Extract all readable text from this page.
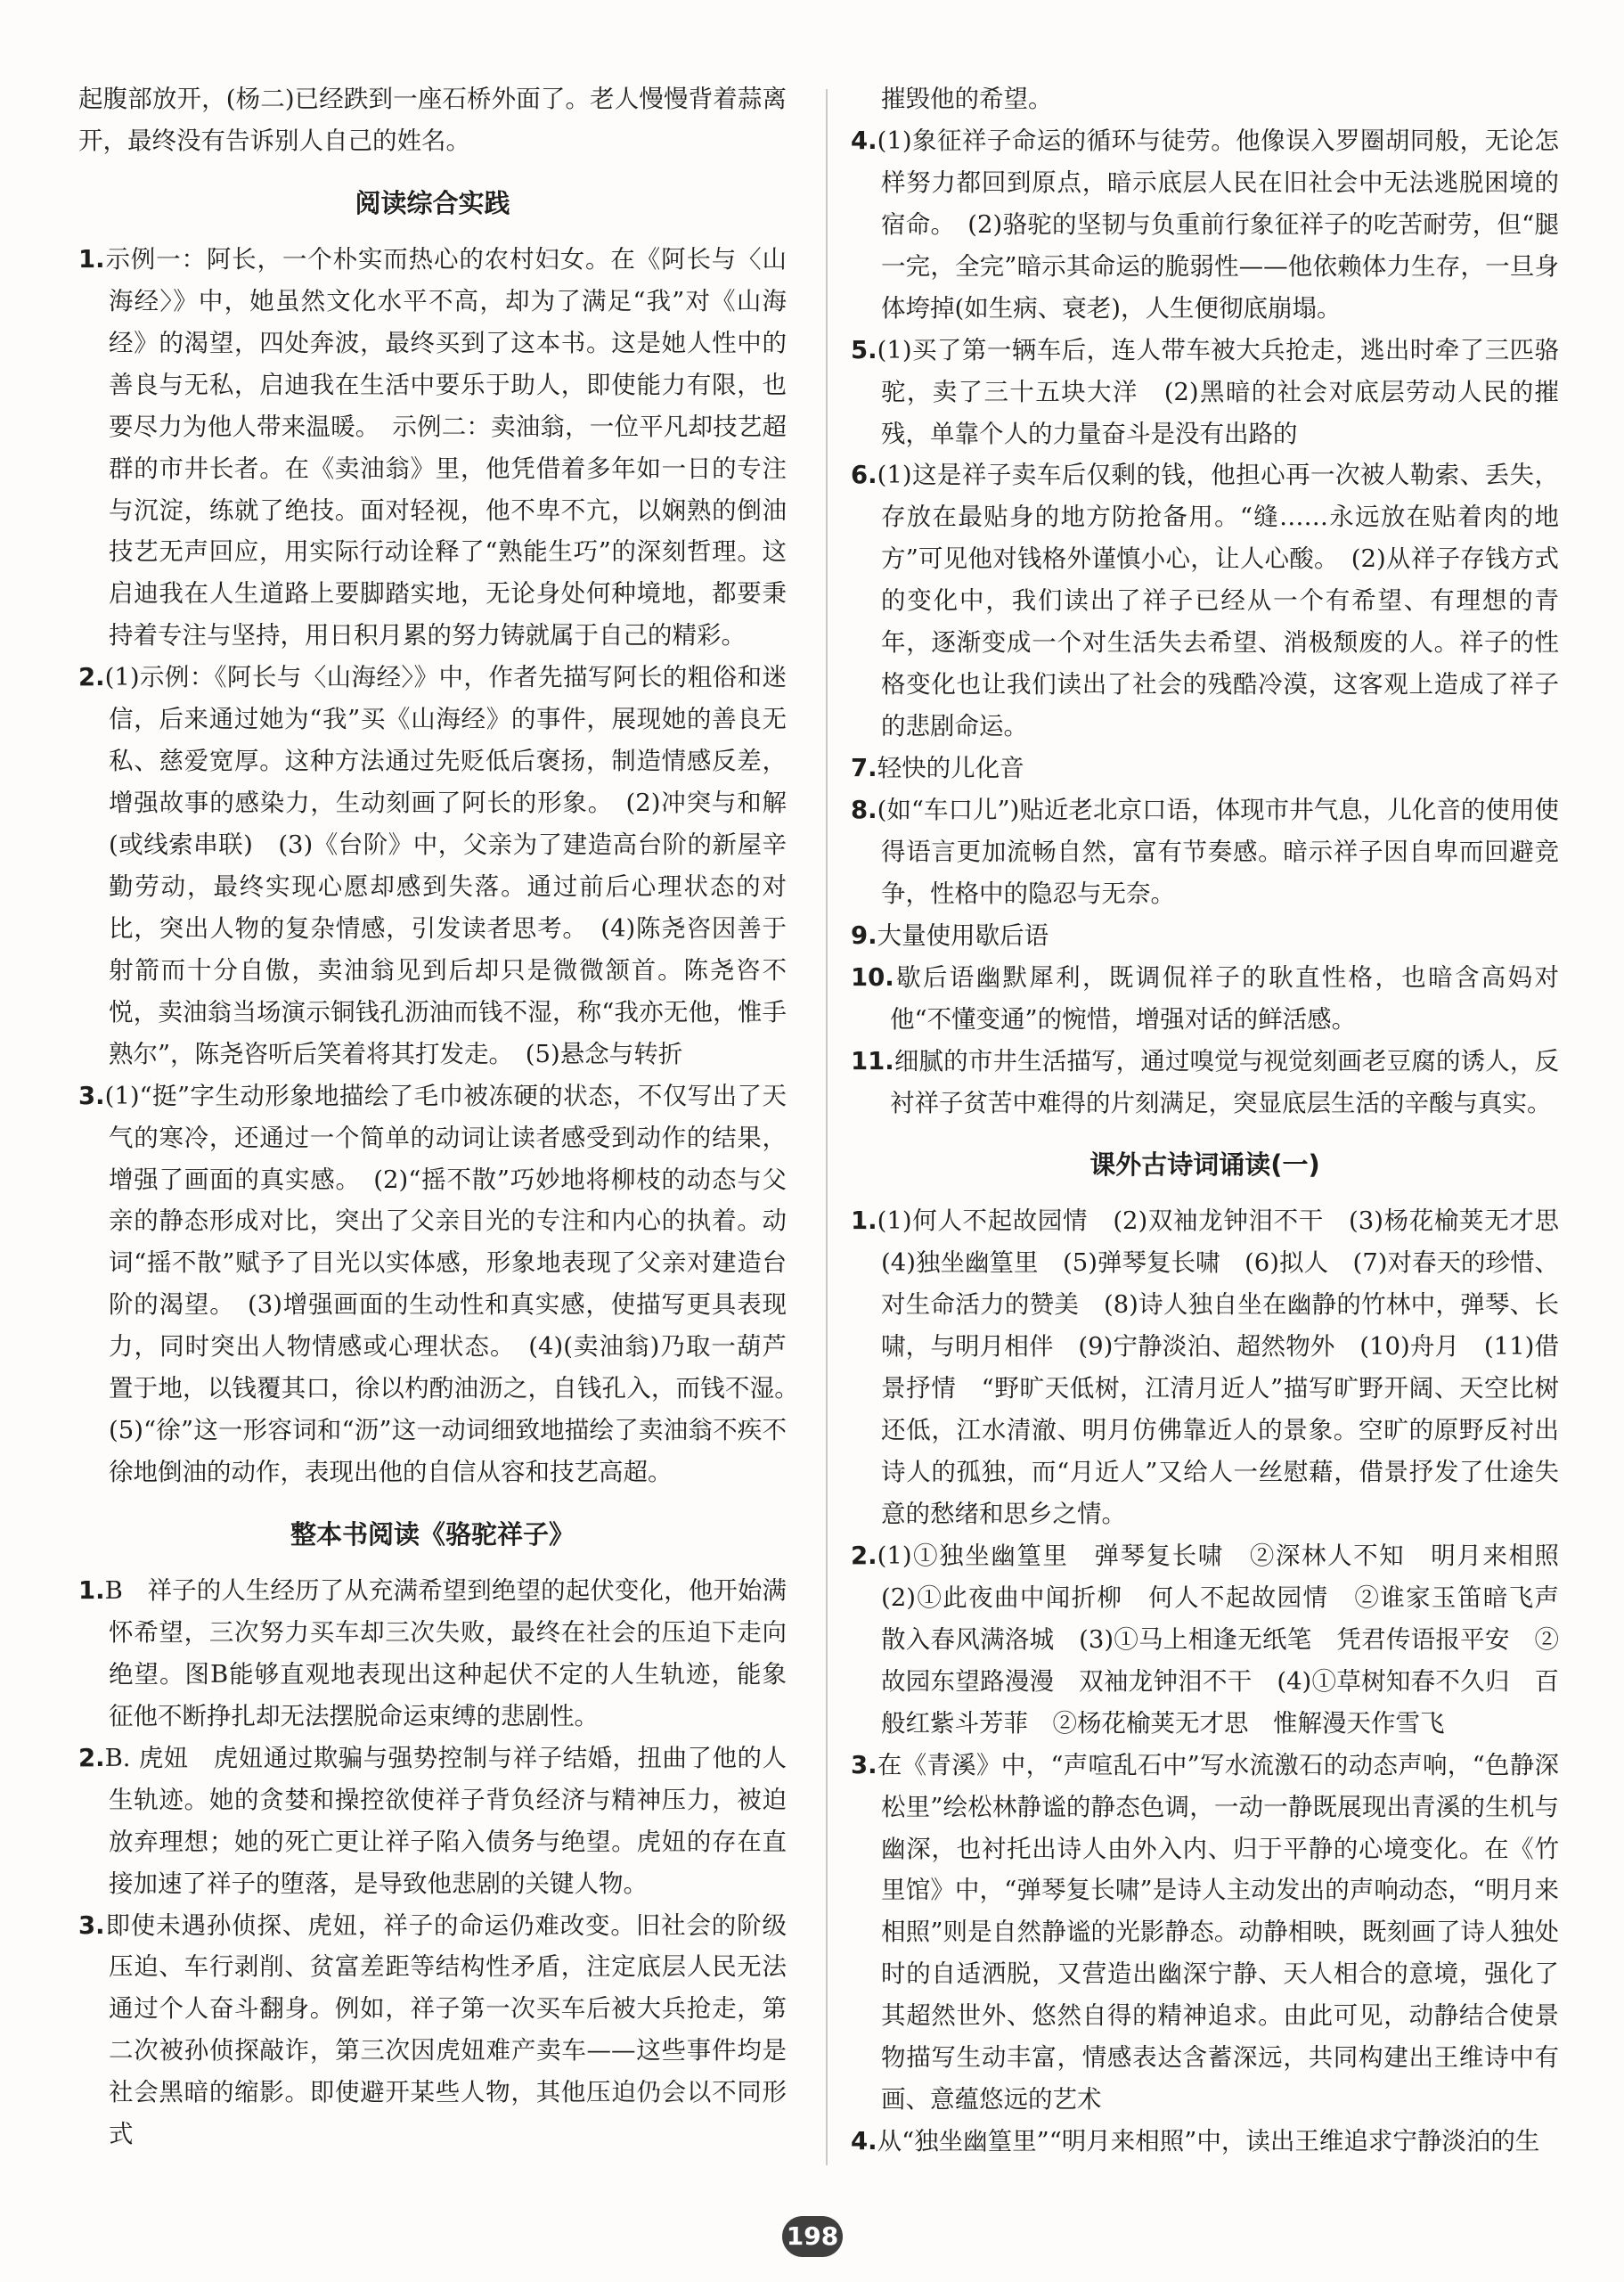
起腹部放开，(杨二)已经跌到一座石桥外面了。老人慢慢背着蒜离开，最终没有告诉别人自己的姓名。

阅读综合实践

1.示例一：阿长，一个朴实而热心的农村妇女。在《阿长与〈山海经〉》中，她虽然文化水平不高，却为了满足“我”对《山海经》的渴望，四处奔波，最终买到了这本书。这是她人性中的善良与无私，启迪我在生活中要乐于助人，即使能力有限，也要尽力为他人带来温暖。　示例二：卖油翁，一位平凡却技艺超群的市井长者。在《卖油翁》里，他凭借着多年如一日的专注与沉淀，练就了绝技。面对轻视，他不卑不亢，以娴熟的倒油技艺无声回应，用实际行动诠释了“熟能生巧”的深刻哲理。这启迪我在人生道路上要脚踏实地，无论身处何种境地，都要秉持着专注与坚持，用日积月累的努力铸就属于自己的精彩。

2.(1)示例：《阿长与〈山海经〉》中，作者先描写阿长的粗俗和迷信，后来通过她为“我”买《山海经》的事件，展现她的善良无私、慈爱宽厚。这种方法通过先贬低后褒扬，制造情感反差，增强故事的感染力，生动刻画了阿长的形象。　(2)冲突与和解(或线索串联)　(3)《台阶》中，父亲为了建造高台阶的新屋辛勤劳动，最终实现心愿却感到失落。通过前后心理状态的对比，突出人物的复杂情感，引发读者思考。　(4)陈尧咨因善于射箭而十分自傲，卖油翁见到后却只是微微颔首。陈尧咨不悦，卖油翁当场演示铜钱孔沥油而钱不湿，称“我亦无他，惟手熟尔”，陈尧咨听后笑着将其打发走。　(5)悬念与转折

3.(1)“挺”字生动形象地描绘了毛巾被冻硬的状态，不仅写出了天气的寒冷，还通过一个简单的动词让读者感受到动作的结果，增强了画面的真实感。　(2)“摇不散”巧妙地将柳枝的动态与父亲的静态形成对比，突出了父亲目光的专注和内心的执着。动词“摇不散”赋予了目光以实体感，形象地表现了父亲对建造台阶的渴望。　(3)增强画面的生动性和真实感，使描写更具表现力，同时突出人物情感或心理状态。　(4)(卖油翁)乃取一葫芦置于地，以钱覆其口，徐以杓酌油沥之，自钱孔入，而钱不湿。　(5)“徐”这一形容词和“沥”这一动词细致地描绘了卖油翁不疾不徐地倒油的动作，表现出他的自信从容和技艺高超。

整本书阅读《骆驼祥子》

1.B　祥子的人生经历了从充满希望到绝望的起伏变化，他开始满怀希望，三次努力买车却三次失败，最终在社会的压迫下走向绝望。图B能够直观地表现出这种起伏不定的人生轨迹，能象征他不断挣扎却无法摆脱命运束缚的悲剧性。

2.B. 虎妞　虎妞通过欺骗与强势控制与祥子结婚，扭曲了他的人生轨迹。她的贪婪和操控欲使祥子背负经济与精神压力，被迫放弃理想；她的死亡更让祥子陷入债务与绝望。虎妞的存在直接加速了祥子的堕落，是导致他悲剧的关键人物。

3.即使未遇孙侦探、虎妞，祥子的命运仍难改变。旧社会的阶级压迫、车行剥削、贫富差距等结构性矛盾，注定底层人民无法通过个人奋斗翻身。例如，祥子第一次买车后被大兵抢走，第二次被孙侦探敲诈，第三次因虎妞难产卖车——这些事件均是社会黑暗的缩影。即使避开某些人物，其他压迫仍会以不同形式

摧毁他的希望。

4.(1)象征祥子命运的循环与徒劳。他像误入罗圈胡同般，无论怎样努力都回到原点，暗示底层人民在旧社会中无法逃脱困境的宿命。　(2)骆驼的坚韧与负重前行象征祥子的吃苦耐劳，但“腿一完，全完”暗示其命运的脆弱性——他依赖体力生存，一旦身体垮掉(如生病、衰老)，人生便彻底崩塌。

5.(1)买了第一辆车后，连人带车被大兵抢走，逃出时牵了三匹骆驼，卖了三十五块大洋　(2)黑暗的社会对底层劳动人民的摧残，单靠个人的力量奋斗是没有出路的

6.(1)这是祥子卖车后仅剩的钱，他担心再一次被人勒索、丢失，存放在最贴身的地方防抢备用。“缝……永远放在贴着肉的地方”可见他对钱格外谨慎小心，让人心酸。　(2)从祥子存钱方式的变化中，我们读出了祥子已经从一个有希望、有理想的青年，逐渐变成一个对生活失去希望、消极颓废的人。祥子的性格变化也让我们读出了社会的残酷冷漠，这客观上造成了祥子的悲剧命运。

7.轻快的儿化音

8.(如“车口儿”)贴近老北京口语，体现市井气息，儿化音的使用使得语言更加流畅自然，富有节奏感。暗示祥子因自卑而回避竞争，性格中的隐忍与无奈。

9.大量使用歇后语

10.歇后语幽默犀利，既调侃祥子的耿直性格，也暗含高妈对他“不懂变通”的惋惜，增强对话的鲜活感。

11.细腻的市井生活描写，通过嗅觉与视觉刻画老豆腐的诱人，反衬祥子贫苦中难得的片刻满足，突显底层生活的辛酸与真实。

课外古诗词诵读(一)

1.(1)何人不起故园情　(2)双袖龙钟泪不干　(3)杨花榆荚无才思　(4)独坐幽篁里　(5)弹琴复长啸　(6)拟人　(7)对春天的珍惜、对生命活力的赞美　(8)诗人独自坐在幽静的竹林中，弹琴、长啸，与明月相伴　(9)宁静淡泊、超然物外　(10)舟月　(11)借景抒情　“野旷天低树，江清月近人”描写旷野开阔、天空比树还低，江水清澈、明月仿佛靠近人的景象。空旷的原野反衬出诗人的孤独，而“月近人”又给人一丝慰藉，借景抒发了仕途失意的愁绪和思乡之情。

2.(1)①独坐幽篁里　弹琴复长啸　②深林人不知　明月来相照　(2)①此夜曲中闻折柳　何人不起故园情　②谁家玉笛暗飞声　散入春风满洛城　(3)①马上相逢无纸笔　凭君传语报平安　②故园东望路漫漫　双袖龙钟泪不干　(4)①草树知春不久归　百般红紫斗芳菲　②杨花榆荚无才思　惟解漫天作雪飞

3.在《青溪》中，“声喧乱石中”写水流激石的动态声响，“色静深松里”绘松林静谧的静态色调，一动一静既展现出青溪的生机与幽深，也衬托出诗人由外入内、归于平静的心境变化。在《竹里馆》中，“弹琴复长啸”是诗人主动发出的声响动态，“明月来相照”则是自然静谧的光影静态。动静相映，既刻画了诗人独处时的自适洒脱，又营造出幽深宁静、天人相合的意境，强化了其超然世外、悠然自得的精神追求。由此可见，动静结合使景物描写生动丰富，情感表达含蓄深远，共同构建出王维诗中有画、意蕴悠远的艺术

4.从“独坐幽篁里”“明月来相照”中，读出王维追求宁静淡泊的生

198
